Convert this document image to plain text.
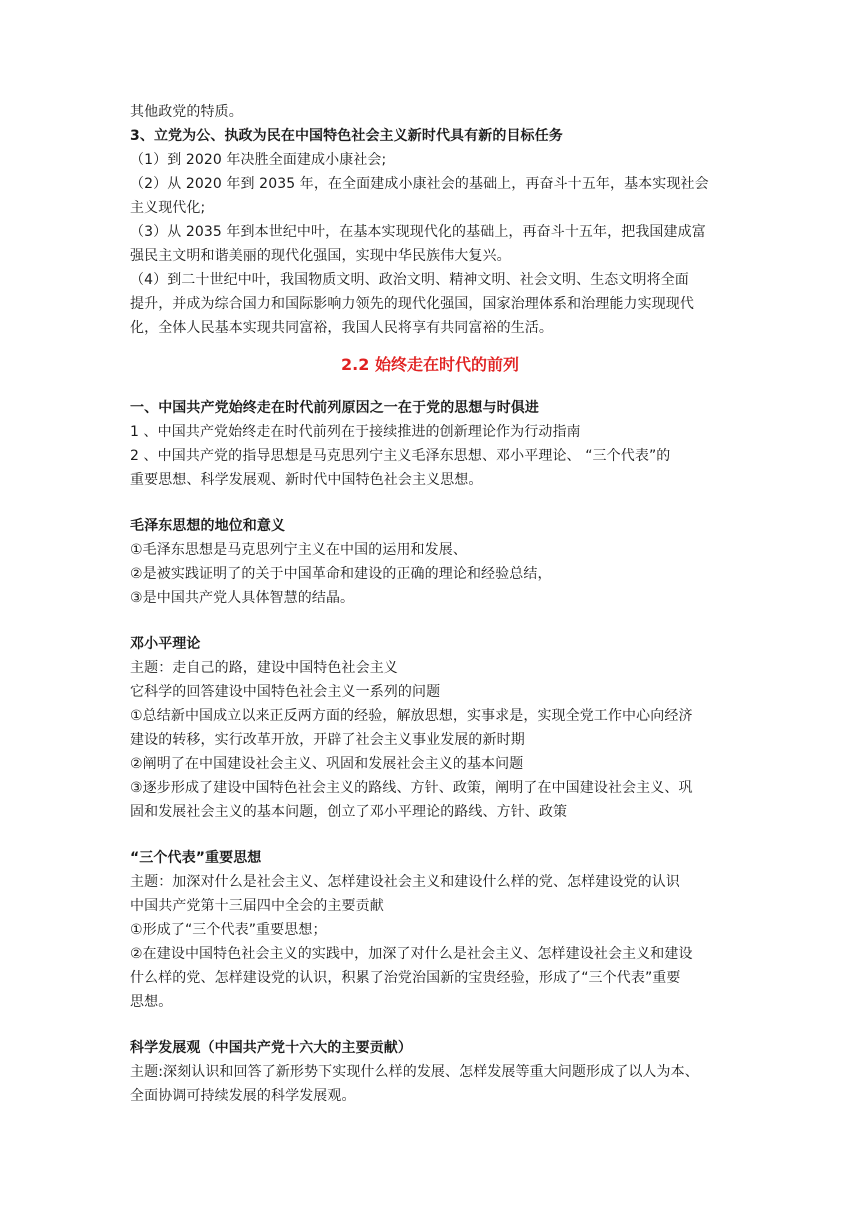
其他政党的特质。
3、立党为公、执政为民在中国特色社会主义新时代具有新的目标任务
（1）到 2020 年决胜全面建成小康社会;
（2）从 2020 年到 2035 年，在全面建成小康社会的基础上，再奋斗十五年，基本实现社会
主义现代化;
（3）从 2035 年到本世纪中叶，在基本实现现代化的基础上，再奋斗十五年，把我国建成富
强民主文明和谐美丽的现代化强国，实现中华民族伟大复兴。
（4）到二十世纪中叶，我国物质文明、政治文明、精神文明、社会文明、生态文明将全面
提升，并成为综合国力和国际影响力领先的现代化强国，国家治理体系和治理能力实现现代
化，全体人民基本实现共同富裕，我国人民将享有共同富裕的生活。
2.2 始终走在时代的前列
一、中国共产党始终走在时代前列原因之一在于党的思想与时俱进
1 、中国共产党始终走在时代前列在于接续推进的创新理论作为行动指南
2 、中国共产党的指导思想是马克思列宁主义毛泽东思想、邓小平理论、 “三个代表”的
重要思想、科学发展观、新时代中国特色社会主义思想。
毛泽东思想的地位和意义
①毛泽东思想是马克思列宁主义在中国的运用和发展、
②是被实践证明了的关于中国革命和建设的正确的理论和经验总结，
③是中国共产党人具体智慧的结晶。
邓小平理论
主题：走自己的路，建设中国特色社会主义
它科学的回答建设中国特色社会主义一系列的问题
①总结新中国成立以来正反两方面的经验，解放思想，实事求是，实现全党工作中心向经济
建设的转移，实行改革开放，开辟了社会主义事业发展的新时期
②阐明了在中国建设社会主义、巩固和发展社会主义的基本问题
③逐步形成了建设中国特色社会主义的路线、方针、政策，阐明了在中国建设社会主义、巩
固和发展社会主义的基本问题，创立了邓小平理论的路线、方针、政策
“三个代表”重要思想
主题：加深对什么是社会主义、怎样建设社会主义和建设什么样的党、怎样建设党的认识
中国共产党第十三届四中全会的主要贡献
①形成了“三个代表”重要思想；
②在建设中国特色社会主义的实践中，加深了对什么是社会主义、怎样建设社会主义和建设
什么样的党、怎样建设党的认识，积累了治党治国新的宝贵经验，形成了“三个代表”重要
思想。
科学发展观（中国共产党十六大的主要贡献）
主题:深刻认识和回答了新形势下实现什么样的发展、怎样发展等重大问题形成了以人为本、
全面协调可持续发展的科学发展观。
